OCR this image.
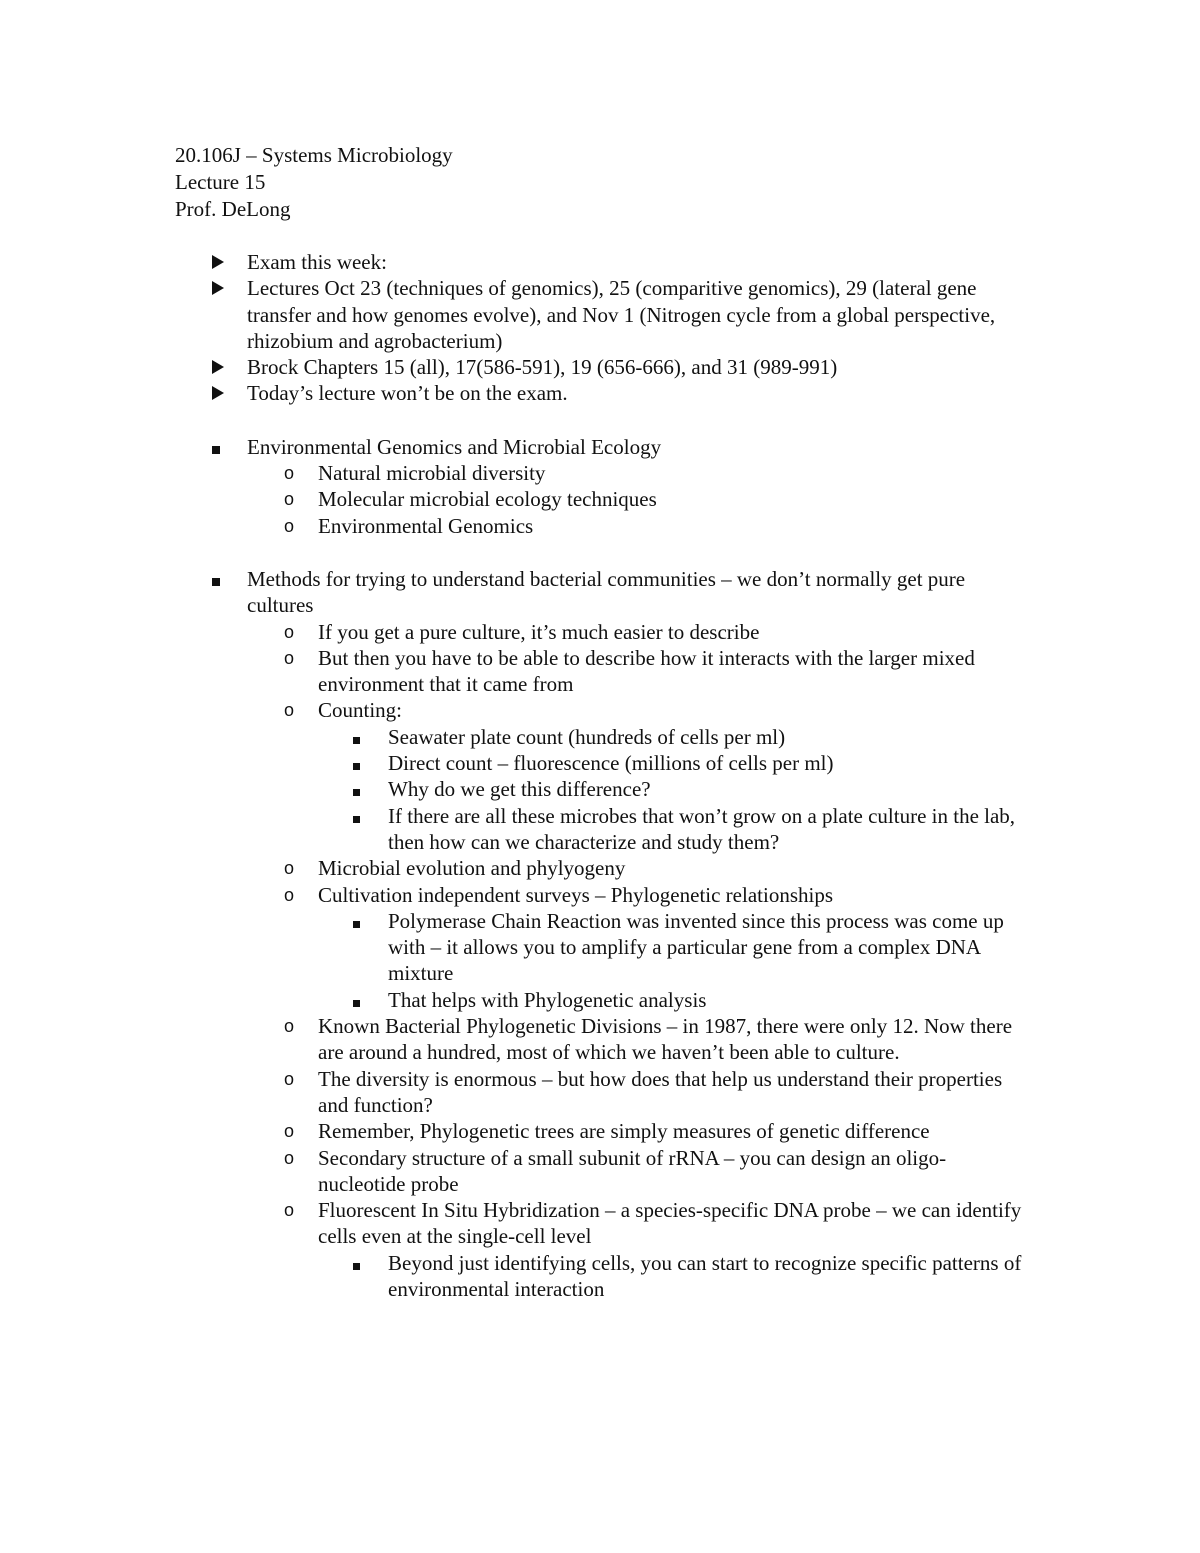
20.106J – Systems Microbiology
Lecture 15
Prof. DeLong
Exam this week:
Lectures Oct 23 (techniques of genomics), 25 (comparitive genomics), 29 (lateral gene transfer and how genomes evolve), and Nov 1 (Nitrogen cycle from a global perspective, rhizobium and agrobacterium)
Brock Chapters 15 (all), 17(586-591), 19 (656-666), and 31 (989-991)
Today’s lecture won’t be on the exam.
Environmental Genomics and Microbial Ecology
o Natural microbial diversity
o Molecular microbial ecology techniques
o Environmental Genomics
Methods for trying to understand bacterial communities – we don’t normally get pure cultures
o If you get a pure culture, it’s much easier to describe
o But then you have to be able to describe how it interacts with the larger mixed environment that it came from
o Counting:
Seawater plate count (hundreds of cells per ml)
Direct count – fluorescence (millions of cells per ml)
Why do we get this difference?
If there are all these microbes that won’t grow on a plate culture in the lab, then how can we characterize and study them?
o Microbial evolution and phylyogeny
o Cultivation independent surveys – Phylogenetic relationships
Polymerase Chain Reaction was invented since this process was come up with – it allows you to amplify a particular gene from a complex DNA mixture
That helps with Phylogenetic analysis
o Known Bacterial Phylogenetic Divisions – in 1987, there were only 12. Now there are around a hundred, most of which we haven’t been able to culture.
o The diversity is enormous – but how does that help us understand their properties and function?
o Remember, Phylogenetic trees are simply measures of genetic difference
o Secondary structure of a small subunit of rRNA – you can design an oligo-nucleotide probe
o Fluorescent In Situ Hybridization – a species-specific DNA probe – we can identify cells even at the single-cell level
Beyond just identifying cells, you can start to recognize specific patterns of environmental interaction
